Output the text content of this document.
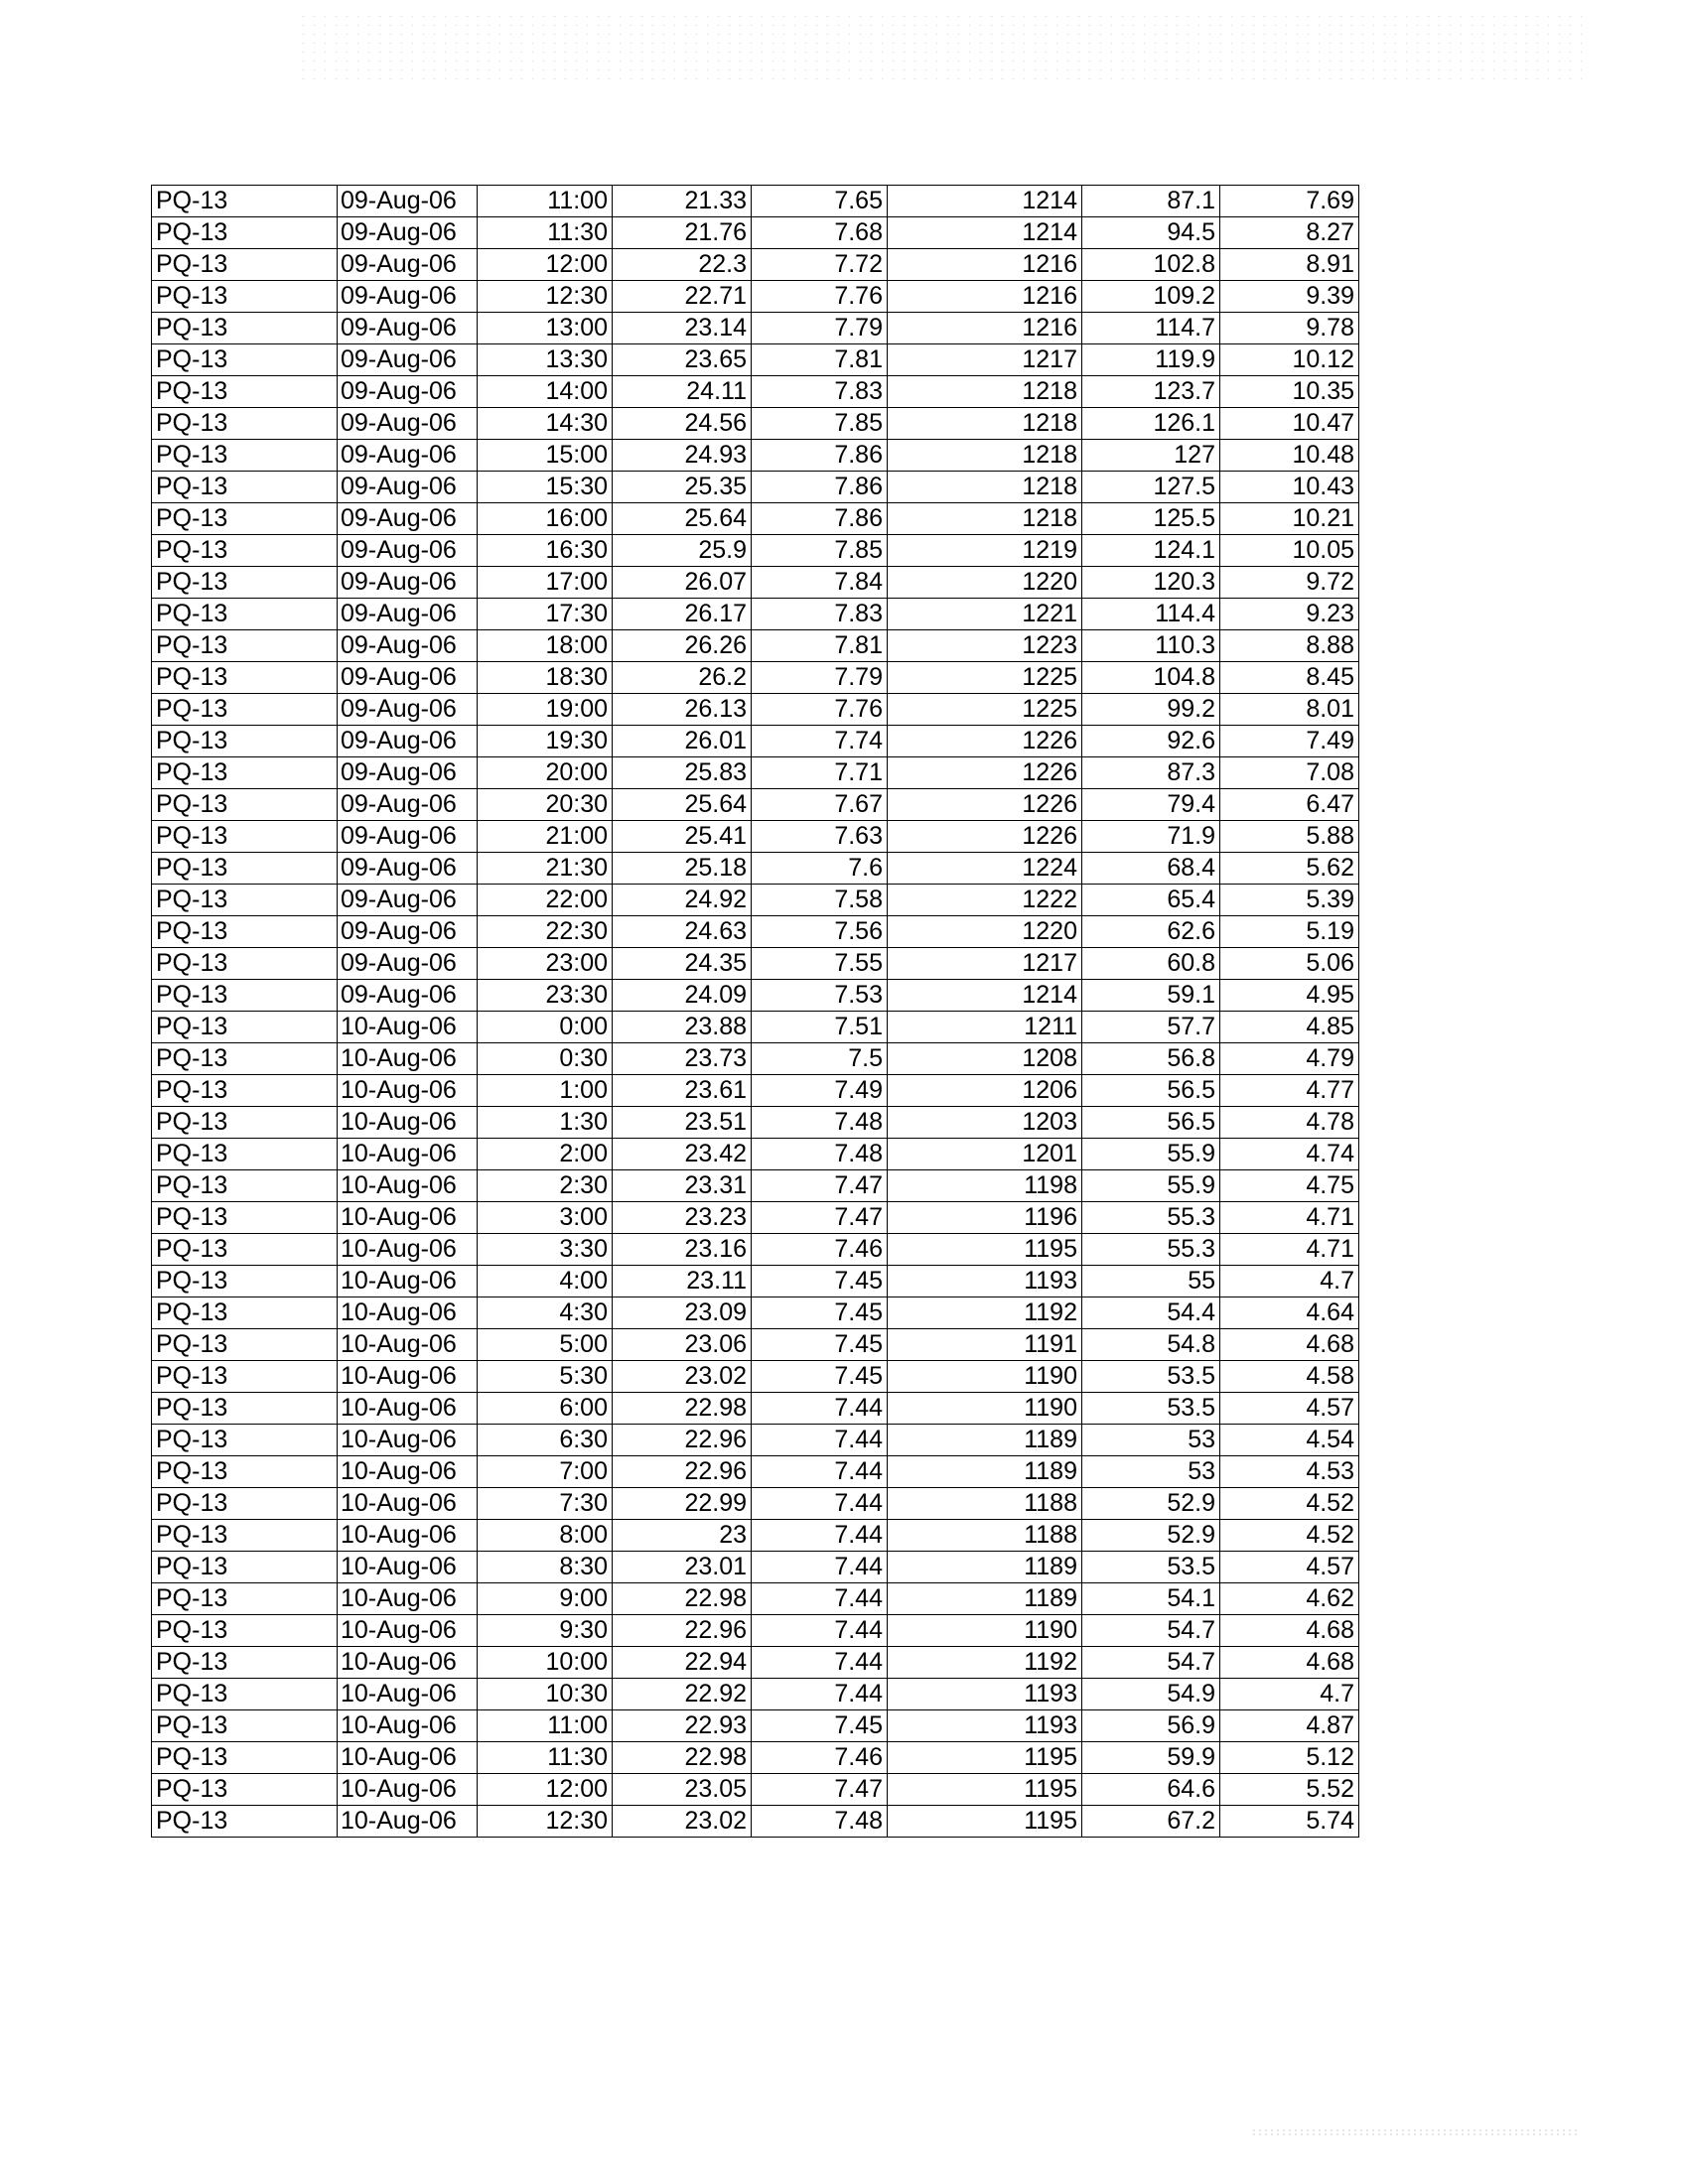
PQ-13	09-Aug-06	11:00	21.33	7.65	1214	87.1	7.69
PQ-13	09-Aug-06	11:30	21.76	7.68	1214	94.5	8.27
PQ-13	09-Aug-06	12:00	22.3	7.72	1216	102.8	8.91
PQ-13	09-Aug-06	12:30	22.71	7.76	1216	109.2	9.39
PQ-13	09-Aug-06	13:00	23.14	7.79	1216	114.7	9.78
PQ-13	09-Aug-06	13:30	23.65	7.81	1217	119.9	10.12
PQ-13	09-Aug-06	14:00	24.11	7.83	1218	123.7	10.35
PQ-13	09-Aug-06	14:30	24.56	7.85	1218	126.1	10.47
PQ-13	09-Aug-06	15:00	24.93	7.86	1218	127	10.48
PQ-13	09-Aug-06	15:30	25.35	7.86	1218	127.5	10.43
PQ-13	09-Aug-06	16:00	25.64	7.86	1218	125.5	10.21
PQ-13	09-Aug-06	16:30	25.9	7.85	1219	124.1	10.05
PQ-13	09-Aug-06	17:00	26.07	7.84	1220	120.3	9.72
PQ-13	09-Aug-06	17:30	26.17	7.83	1221	114.4	9.23
PQ-13	09-Aug-06	18:00	26.26	7.81	1223	110.3	8.88
PQ-13	09-Aug-06	18:30	26.2	7.79	1225	104.8	8.45
PQ-13	09-Aug-06	19:00	26.13	7.76	1225	99.2	8.01
PQ-13	09-Aug-06	19:30	26.01	7.74	1226	92.6	7.49
PQ-13	09-Aug-06	20:00	25.83	7.71	1226	87.3	7.08
PQ-13	09-Aug-06	20:30	25.64	7.67	1226	79.4	6.47
PQ-13	09-Aug-06	21:00	25.41	7.63	1226	71.9	5.88
PQ-13	09-Aug-06	21:30	25.18	7.6	1224	68.4	5.62
PQ-13	09-Aug-06	22:00	24.92	7.58	1222	65.4	5.39
PQ-13	09-Aug-06	22:30	24.63	7.56	1220	62.6	5.19
PQ-13	09-Aug-06	23:00	24.35	7.55	1217	60.8	5.06
PQ-13	09-Aug-06	23:30	24.09	7.53	1214	59.1	4.95
PQ-13	10-Aug-06	0:00	23.88	7.51	1211	57.7	4.85
PQ-13	10-Aug-06	0:30	23.73	7.5	1208	56.8	4.79
PQ-13	10-Aug-06	1:00	23.61	7.49	1206	56.5	4.77
PQ-13	10-Aug-06	1:30	23.51	7.48	1203	56.5	4.78
PQ-13	10-Aug-06	2:00	23.42	7.48	1201	55.9	4.74
PQ-13	10-Aug-06	2:30	23.31	7.47	1198	55.9	4.75
PQ-13	10-Aug-06	3:00	23.23	7.47	1196	55.3	4.71
PQ-13	10-Aug-06	3:30	23.16	7.46	1195	55.3	4.71
PQ-13	10-Aug-06	4:00	23.11	7.45	1193	55	4.7
PQ-13	10-Aug-06	4:30	23.09	7.45	1192	54.4	4.64
PQ-13	10-Aug-06	5:00	23.06	7.45	1191	54.8	4.68
PQ-13	10-Aug-06	5:30	23.02	7.45	1190	53.5	4.58
PQ-13	10-Aug-06	6:00	22.98	7.44	1190	53.5	4.57
PQ-13	10-Aug-06	6:30	22.96	7.44	1189	53	4.54
PQ-13	10-Aug-06	7:00	22.96	7.44	1189	53	4.53
PQ-13	10-Aug-06	7:30	22.99	7.44	1188	52.9	4.52
PQ-13	10-Aug-06	8:00	23	7.44	1188	52.9	4.52
PQ-13	10-Aug-06	8:30	23.01	7.44	1189	53.5	4.57
PQ-13	10-Aug-06	9:00	22.98	7.44	1189	54.1	4.62
PQ-13	10-Aug-06	9:30	22.96	7.44	1190	54.7	4.68
PQ-13	10-Aug-06	10:00	22.94	7.44	1192	54.7	4.68
PQ-13	10-Aug-06	10:30	22.92	7.44	1193	54.9	4.7
PQ-13	10-Aug-06	11:00	22.93	7.45	1193	56.9	4.87
PQ-13	10-Aug-06	11:30	22.98	7.46	1195	59.9	5.12
PQ-13	10-Aug-06	12:00	23.05	7.47	1195	64.6	5.52
PQ-13	10-Aug-06	12:30	23.02	7.48	1195	67.2	5.74
